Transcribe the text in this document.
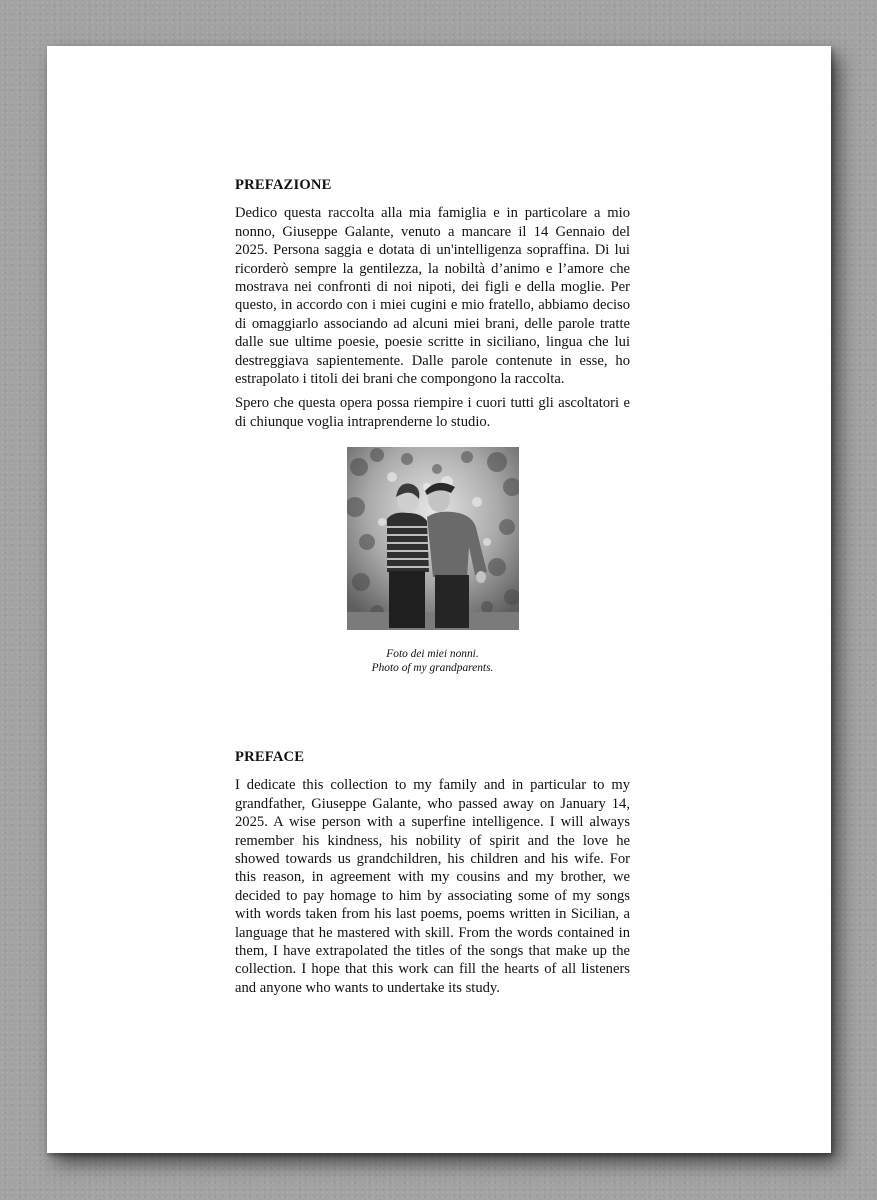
PREFAZIONE

Dedico questa raccolta alla mia famiglia e in particolare a mio nonno, Giuseppe Galante, venuto a mancare il 14 Gennaio del 2025. Persona saggia e dotata di un'intelligenza sopraffina. Di lui ricorderò sempre la gentilezza, la nobiltà d’animo e l’amore che mostrava nei confronti di noi nipoti, dei figli e della moglie. Per questo, in accordo con i miei cugini e mio fratello, abbiamo deciso di omaggiarlo associando ad alcuni miei brani, delle parole tratte dalle sue ultime poesie, poesie scritte in siciliano, lingua che lui destreggiava sapientemente. Dalle parole contenute in esse, ho estrapolato i titoli dei brani che compongono la raccolta.

Spero che questa opera possa riempire i cuori tutti gli ascoltatori e di chiunque voglia intraprenderne lo studio.

Foto dei miei nonni.
Photo of my grandparents.
PREFACE

I dedicate this collection to my family and in particular to my grandfather, Giuseppe Galante, who passed away on January 14, 2025. A wise person with a superfine intelligence. I will always remember his kindness, his nobility of spirit and the love he showed towards us grandchildren, his children and his wife. For this reason, in agreement with my cousins and my brother, we decided to pay homage to him by associating some of my songs with words taken from his last poems, poems written in Sicilian, a language that he mastered with skill. From the words contained in them, I have extrapolated the titles of the songs that make up the collection. I hope that this work can fill the hearts of all listeners and anyone who wants to undertake its study.
